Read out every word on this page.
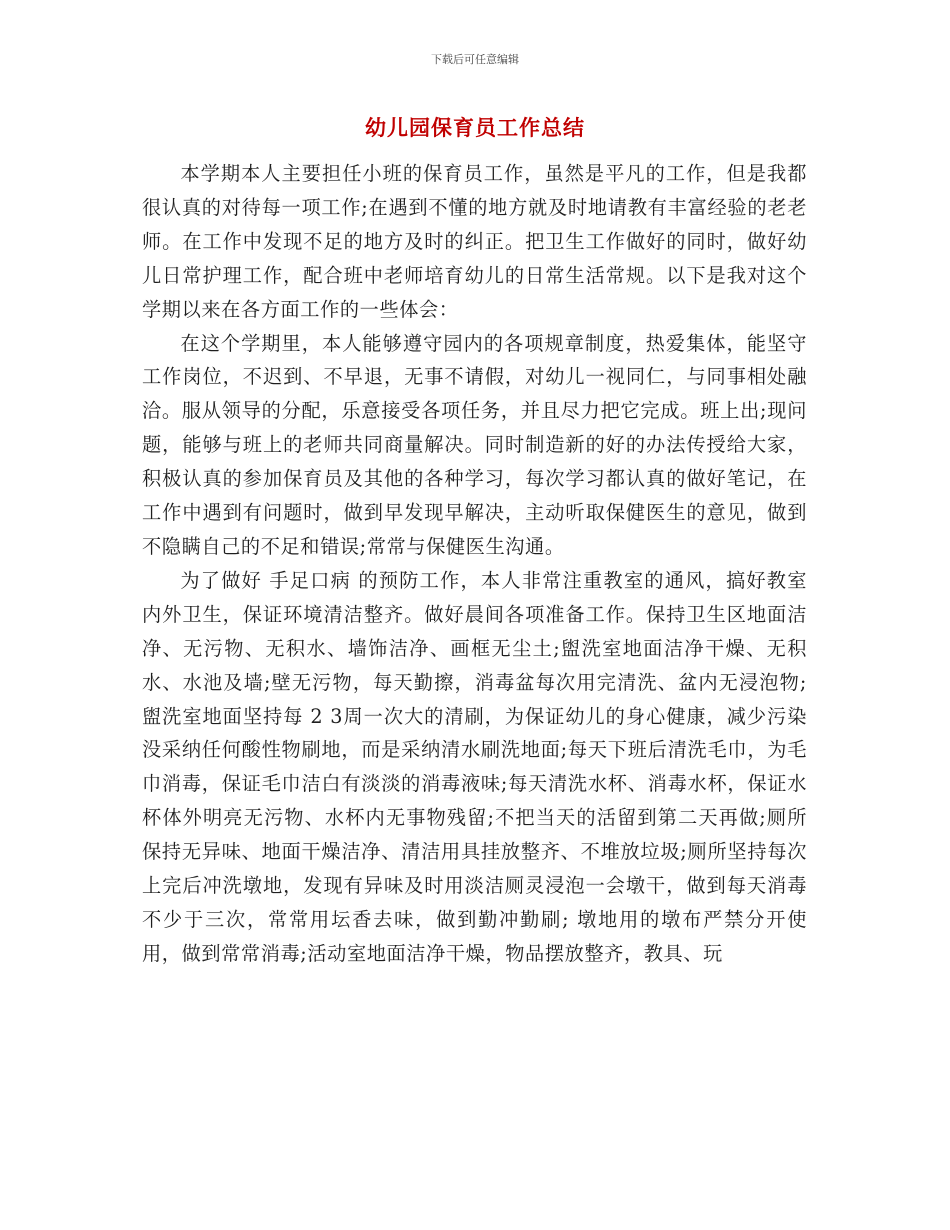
下载后可任意编辑
幼儿园保育员工作总结

本学期本人主要担任小班的保育员工作，虽然是平凡的工作，但是我都很认真的对待每一项工作;在遇到不懂的地方就及时地请教有丰富经验的老老师。在工作中发现不足的地方及时的纠正。把卫生工作做好的同时，做好幼儿日常护理工作，配合班中老师培育幼儿的日常生活常规。以下是我对这个学期以来在各方面工作的一些体会：

在这个学期里，本人能够遵守园内的各项规章制度，热爱集体，能坚守工作岗位，不迟到、不早退，无事不请假，对幼儿一视同仁，与同事相处融洽。服从领导的分配，乐意接受各项任务，并且尽力把它完成。班上出;现问题，能够与班上的老师共同商量解决。同时制造新的好的办法传授给大家，积极认真的参加保育员及其他的各种学习，每次学习都认真的做好笔记，在工作中遇到有问题时，做到早发现早解决，主动听取保健医生的意见，做到不隐瞒自己的不足和错误;常常与保健医生沟通。

为了做好 手足口病 的预防工作，本人非常注重教室的通风，搞好教室内外卫生，保证环境清洁整齐。做好晨间各项准备工作。保持卫生区地面洁净、无污物、无积水、墙饰洁净、画框无尘土;盥洗室地面洁净干燥、无积水、水池及墙;壁无污物，每天勤擦，消毒盆每次用完清洗、盆内无浸泡物;盥洗室地面坚持每 2 3周一次大的清刷，为保证幼儿的身心健康，减少污染没采纳任何酸性物刷地，而是采纳清水刷洗地面;每天下班后清洗毛巾，为毛巾消毒，保证毛巾洁白有淡淡的消毒液味;每天清洗水杯、消毒水杯，保证水杯体外明亮无污物、水杯内无事物残留;不把当天的活留到第二天再做;厕所保持无异味、地面干燥洁净、清洁用具挂放整齐、不堆放垃圾;厕所坚持每次上完后冲洗墩地，发现有异味及时用淡洁厕灵浸泡一会墩干，做到每天消毒不少于三次，常常用坛香去味，做到勤冲勤刷; 墩地用的墩布严禁分开使用，做到常常消毒;活动室地面洁净干燥，物品摆放整齐，教具、玩
